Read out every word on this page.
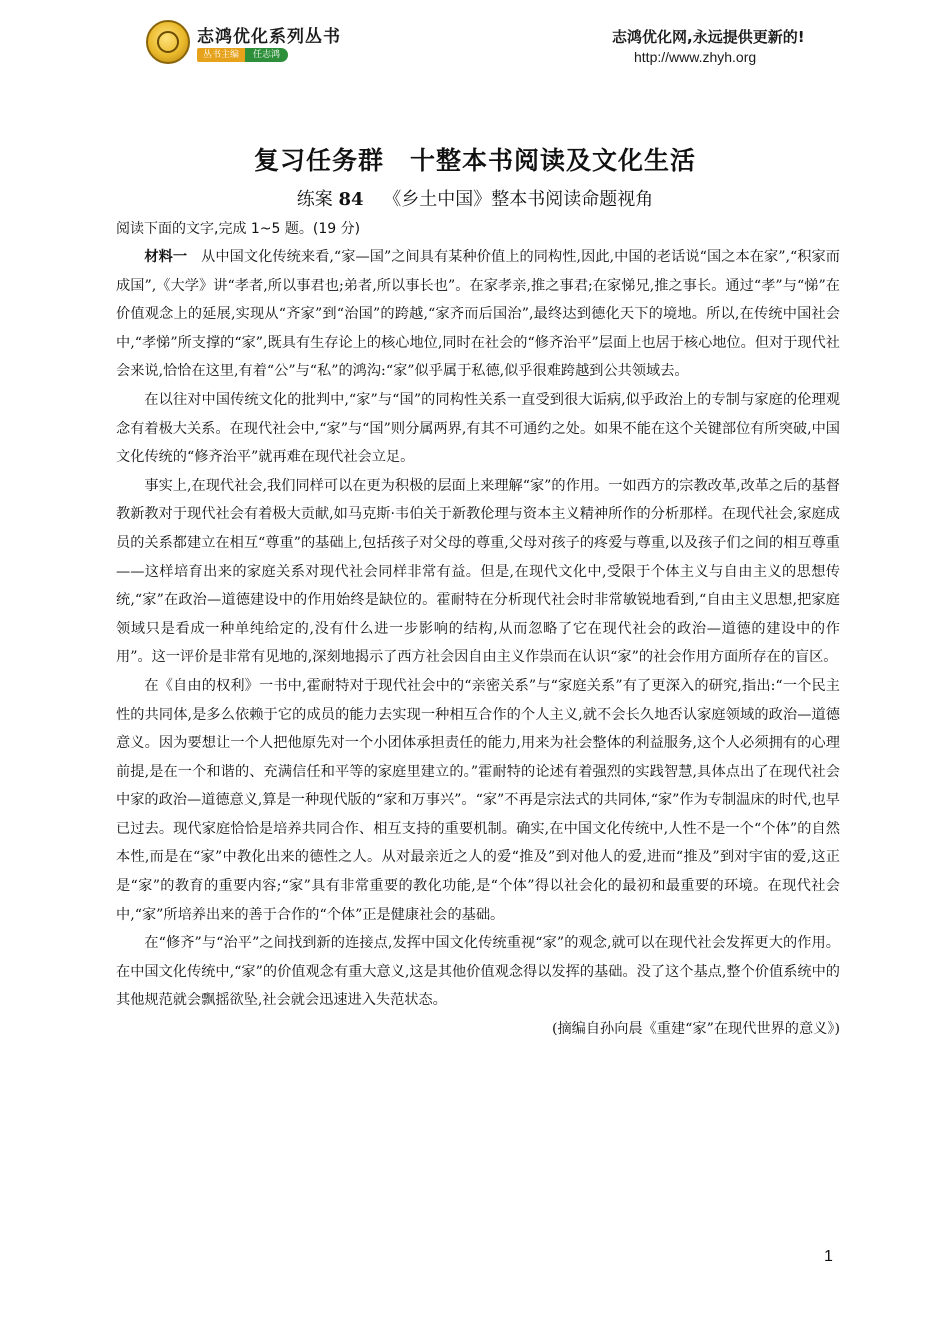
志鸿优化系列丛书
丛书主编	任志鸿
志鸿优化网,永远提供更新的!
http://www.zhyh.org
复习任务群　十整本书阅读及文化生活
练案 84 《乡土中国》整本书阅读命题视角
阅读下面的文字,完成 1~5 题。(19 分)

材料一 从中国文化传统来看,“家—国”之间具有某种价值上的同构性,因此,中国的老话说“国之本在家”,“积家而成国”,《大学》讲“孝者,所以事君也;弟者,所以事长也”。在家孝亲,推之事君;在家悌兄,推之事长。通过“孝”与“悌”在价值观念上的延展,实现从“齐家”到“治国”的跨越,“家齐而后国治”,最终达到德化天下的境地。所以,在传统中国社会中,“孝悌”所支撑的“家”,既具有生存论上的核心地位,同时在社会的“修齐治平”层面上也居于核心地位。但对于现代社会来说,恰恰在这里,有着“公”与“私”的鸿沟:“家”似乎属于私德,似乎很难跨越到公共领域去。

在以往对中国传统文化的批判中,“家”与“国”的同构性关系一直受到很大诟病,似乎政治上的专制与家庭的伦理观念有着极大关系。在现代社会中,“家”与“国”则分属两界,有其不可通约之处。如果不能在这个关键部位有所突破,中国文化传统的“修齐治平”就再难在现代社会立足。

事实上,在现代社会,我们同样可以在更为积极的层面上来理解“家”的作用。一如西方的宗教改革,改革之后的基督教新教对于现代社会有着极大贡献,如马克斯·韦伯关于新教伦理与资本主义精神所作的分析那样。在现代社会,家庭成员的关系都建立在相互“尊重”的基础上,包括孩子对父母的尊重,父母对孩子的疼爱与尊重,以及孩子们之间的相互尊重——这样培育出来的家庭关系对现代社会同样非常有益。但是,在现代文化中,受限于个体主义与自由主义的思想传统,“家”在政治—道德建设中的作用始终是缺位的。霍耐特在分析现代社会时非常敏锐地看到,“自由主义思想,把家庭领域只是看成一种单纯给定的,没有什么进一步影响的结构,从而忽略了它在现代社会的政治—道德的建设中的作用”。这一评价是非常有见地的,深刻地揭示了西方社会因自由主义作祟而在认识“家”的社会作用方面所存在的盲区。

在《自由的权利》一书中,霍耐特对于现代社会中的“亲密关系”与“家庭关系”有了更深入的研究,指出:“一个民主性的共同体,是多么依赖于它的成员的能力去实现一种相互合作的个人主义,就不会长久地否认家庭领域的政治—道德意义。因为要想让一个人把他原先对一个小团体承担责任的能力,用来为社会整体的利益服务,这个人必须拥有的心理前提,是在一个和谐的、充满信任和平等的家庭里建立的。”霍耐特的论述有着强烈的实践智慧,具体点出了在现代社会中家的政治—道德意义,算是一种现代版的“家和万事兴”。“家”不再是宗法式的共同体,“家”作为专制温床的时代,也早已过去。现代家庭恰恰是培养共同合作、相互支持的重要机制。确实,在中国文化传统中,人性不是一个“个体”的自然本性,而是在“家”中教化出来的德性之人。从对最亲近之人的爱“推及”到对他人的爱,进而“推及”到对宇宙的爱,这正是“家”的教育的重要内容;“家”具有非常重要的教化功能,是“个体”得以社会化的最初和最重要的环境。在现代社会中,“家”所培养出来的善于合作的“个体”正是健康社会的基础。

在“修齐”与“治平”之间找到新的连接点,发挥中国文化传统重视“家”的观念,就可以在现代社会发挥更大的作用。在中国文化传统中,“家”的价值观念有重大意义,这是其他价值观念得以发挥的基础。没了这个基点,整个价值系统中的其他规范就会飘摇欲坠,社会就会迅速进入失范状态。

(摘编自孙向晨《重建“家”在现代世界的意义》)

1
